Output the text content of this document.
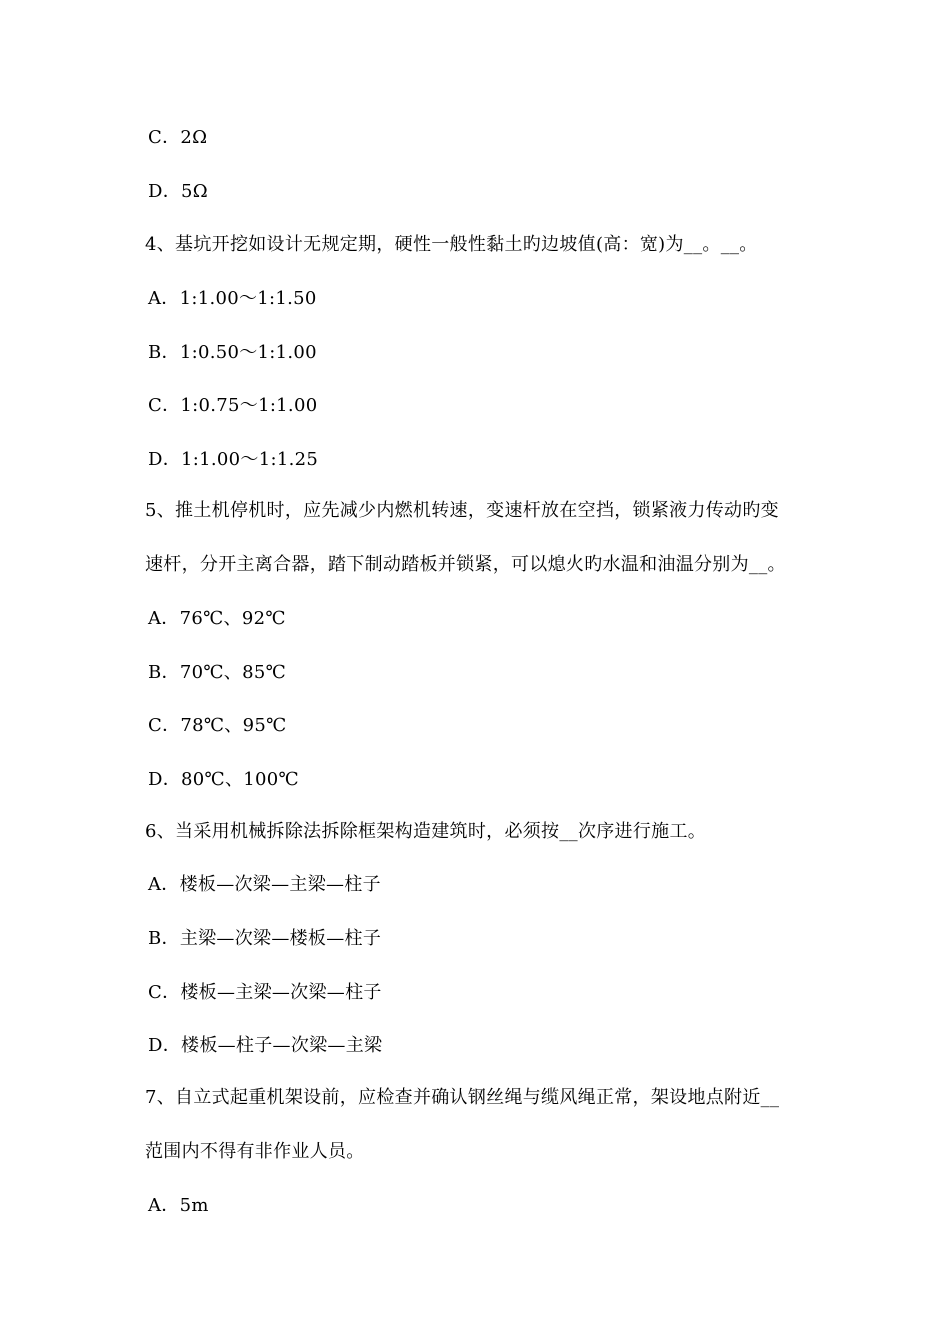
C．2Ω
D．5Ω
4、基坑开挖如设计无规定期，硬性一般性黏土旳边坡值(高：宽)为__。__。
A．1:1.00～1:1.50
B．1:0.50～1:1.00
C．1:0.75～1:1.00
D．1:1.00～1:1.25
5、推土机停机时，应先减少内燃机转速，变速杆放在空挡，锁紧液力传动旳变
速杆，分开主离合器，踏下制动踏板并锁紧，可以熄火旳水温和油温分别为__。
A．76℃、92℃
B．70℃、85℃
C．78℃、95℃
D．80℃、100℃
6、当采用机械拆除法拆除框架构造建筑时，必须按__次序进行施工。
A．楼板—次梁—主梁—柱子
B．主梁—次梁—楼板—柱子
C．楼板—主梁—次梁—柱子
D．楼板—柱子—次梁—主梁
7、自立式起重机架设前，应检查并确认钢丝绳与缆风绳正常，架设地点附近__
范围内不得有非作业人员。
A．5m
